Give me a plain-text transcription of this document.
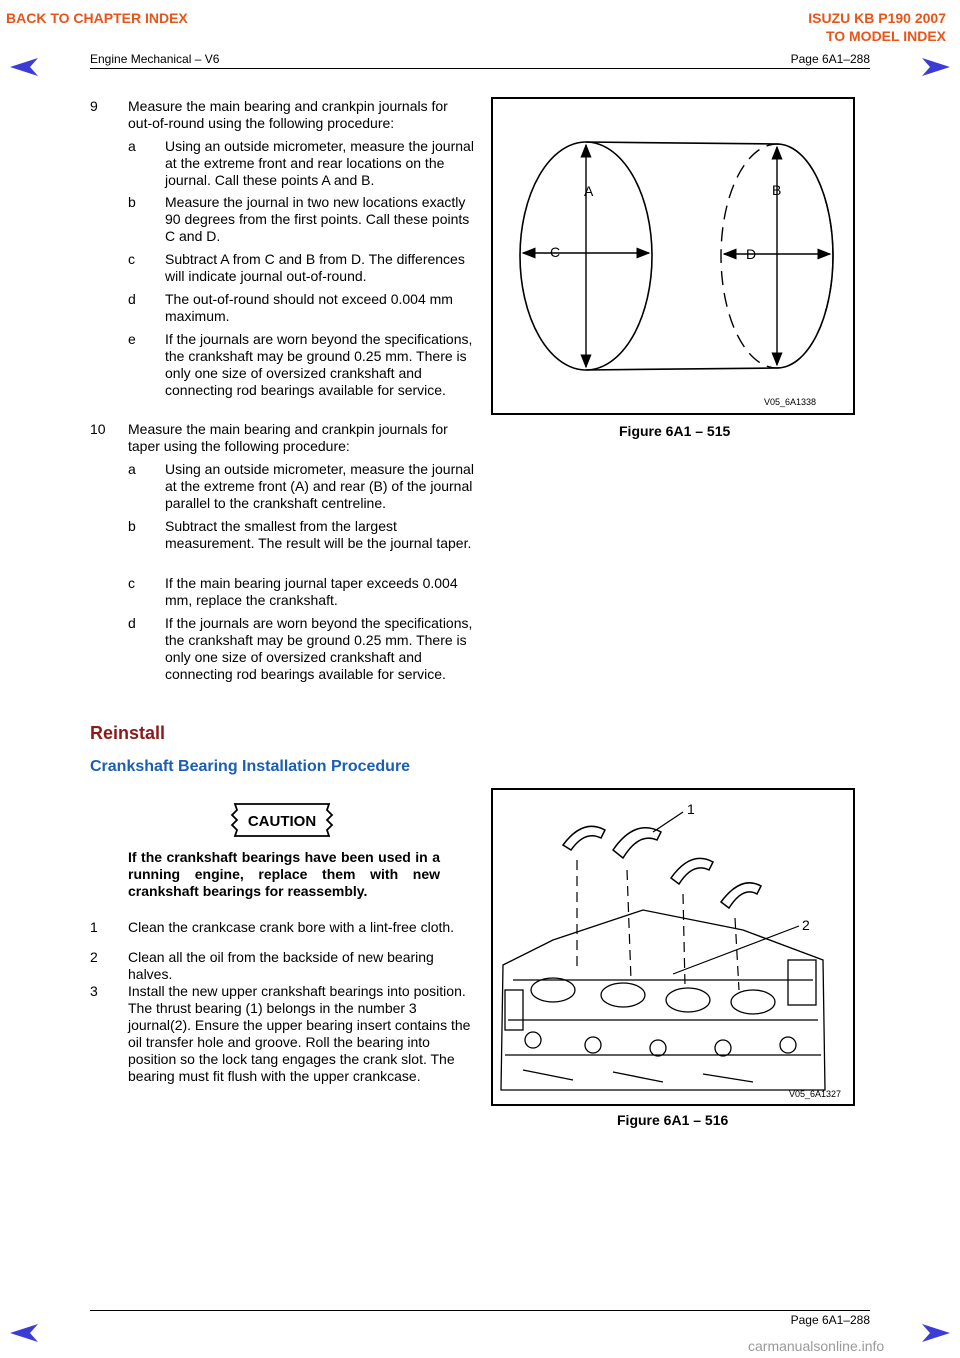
BACK TO CHAPTER INDEX	ISUZU KB P190 2007
TO MODEL INDEX
Engine Mechanical – V6	Page 6A1–288
9 Measure the main bearing and crankpin journals for out-of-round using the following procedure:
a Using an outside micrometer, measure the journal at the extreme front and rear locations on the journal. Call these points A and B.
b Measure the journal in two new locations exactly 90 degrees from the first points. Call these points C and D.
c Subtract A from C and B from D. The differences will indicate journal out-of-round.
d The out-of-round should not exceed 0.004 mm maximum.
e If the journals are worn beyond the specifications, the crankshaft may be ground 0.25 mm. There is only one size of oversized crankshaft and connecting rod bearings available for service.
10 Measure the main bearing and crankpin journals for taper using the following procedure:
a Using an outside micrometer, measure the journal at the extreme front (A) and rear (B) of the journal parallel to the crankshaft centreline.
b Subtract the smallest from the largest measurement. The result will be the journal taper.
c If the main bearing journal taper exceeds 0.004 mm, replace the crankshaft.
d If the journals are worn beyond the specifications, the crankshaft may be ground 0.25 mm. There is only one size of oversized crankshaft and connecting rod bearings available for service.
A	B
C	D
V05_6A1338
Figure 6A1 – 515
Reinstall
Crankshaft Bearing Installation Procedure
CAUTION
If the crankshaft bearings have been used in a running engine, replace them with new crankshaft bearings for reassembly.
1 Clean the crankcase crank bore with a lint-free cloth.
2 Clean all the oil from the backside of new bearing halves.
3 Install the new upper crankshaft bearings into position. The thrust bearing (1) belongs in the number 3 journal(2). Ensure the upper bearing insert contains the oil transfer hole and groove. Roll the bearing into position so the lock tang engages the crank slot. The bearing must fit flush with the upper crankcase.
1
2
V05_6A1327
Figure 6A1 – 516
Page 6A1–288
carmanualsonline.info
